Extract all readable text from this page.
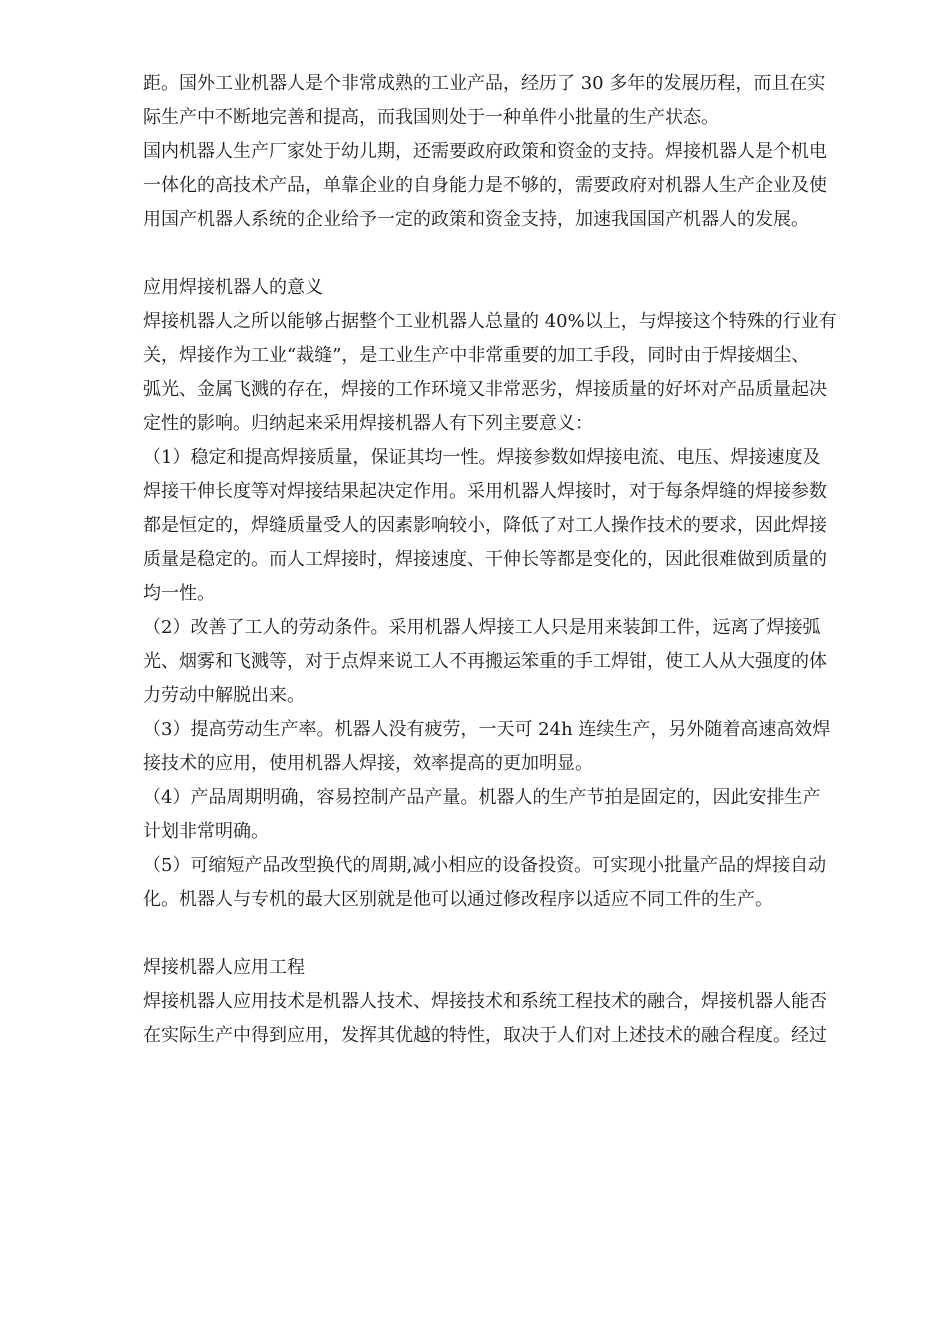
距。国外工业机器人是个非常成熟的工业产品，经历了 30 多年的发展历程，而且在实
际生产中不断地完善和提高，而我国则处于一种单件小批量的生产状态。
国内机器人生产厂家处于幼儿期，还需要政府政策和资金的支持。焊接机器人是个机电
一体化的高技术产品，单靠企业的自身能力是不够的，需要政府对机器人生产企业及使
用国产机器人系统的企业给予一定的政策和资金支持，加速我国国产机器人的发展。
应用焊接机器人的意义
焊接机器人之所以能够占据整个工业机器人总量的 40%以上，与焊接这个特殊的行业有
关，焊接作为工业“裁缝”，是工业生产中非常重要的加工手段，同时由于焊接烟尘、
弧光、金属飞溅的存在，焊接的工作环境又非常恶劣，焊接质量的好坏对产品质量起决
定性的影响。归纳起来采用焊接机器人有下列主要意义：
（1）稳定和提高焊接质量，保证其均一性。焊接参数如焊接电流、电压、焊接速度及
焊接干伸长度等对焊接结果起决定作用。采用机器人焊接时，对于每条焊缝的焊接参数
都是恒定的，焊缝质量受人的因素影响较小，降低了对工人操作技术的要求，因此焊接
质量是稳定的。而人工焊接时，焊接速度、干伸长等都是变化的，因此很难做到质量的
均一性。
（2）改善了工人的劳动条件。采用机器人焊接工人只是用来装卸工件，远离了焊接弧
光、烟雾和飞溅等，对于点焊来说工人不再搬运笨重的手工焊钳，使工人从大强度的体
力劳动中解脱出来。
（3）提高劳动生产率。机器人没有疲劳，一天可 24h 连续生产，另外随着高速高效焊
接技术的应用，使用机器人焊接，效率提高的更加明显。
（4）产品周期明确，容易控制产品产量。机器人的生产节拍是固定的，因此安排生产
计划非常明确。
（5）可缩短产品改型换代的周期,减小相应的设备投资。可实现小批量产品的焊接自动
化。机器人与专机的最大区别就是他可以通过修改程序以适应不同工件的生产。
焊接机器人应用工程
焊接机器人应用技术是机器人技术、焊接技术和系统工程技术的融合，焊接机器人能否
在实际生产中得到应用，发挥其优越的特性，取决于人们对上述技术的融合程度。经过
